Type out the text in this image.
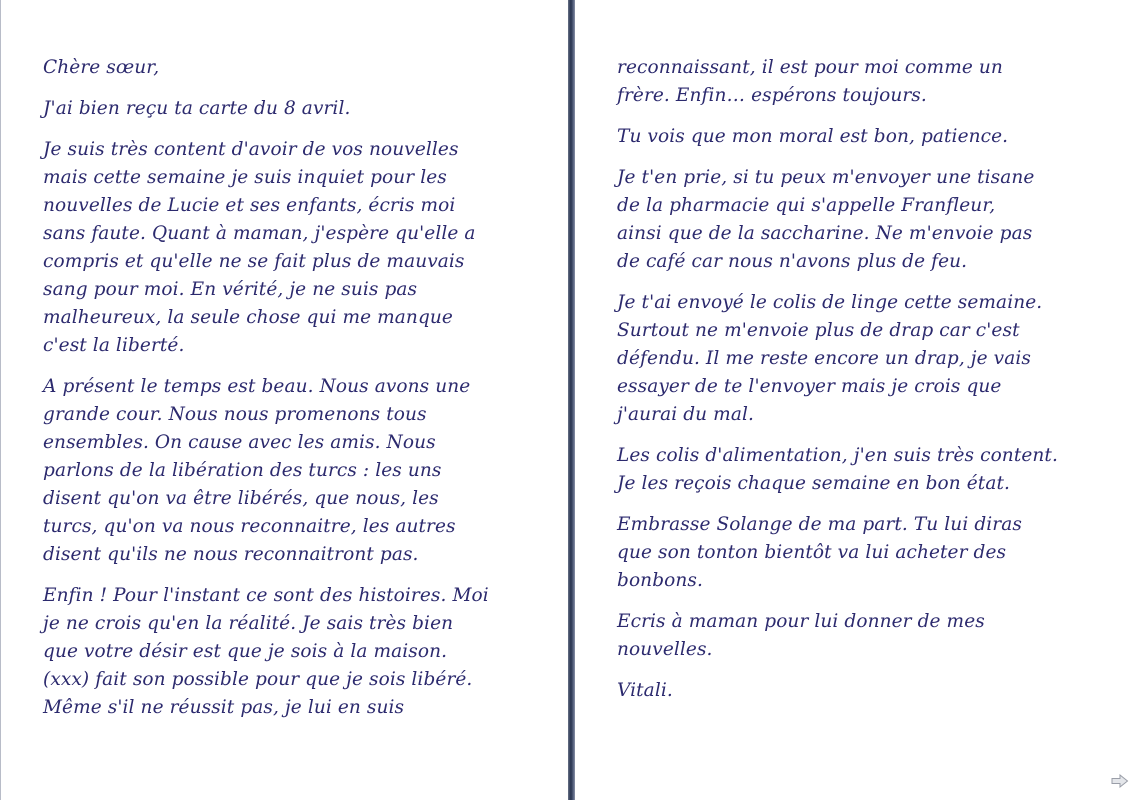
Chère sœur,

J'ai bien reçu ta carte du 8 avril.

Je suis très content d'avoir de vos nouvelles
mais cette semaine je suis inquiet pour les
nouvelles de Lucie et ses enfants, écris moi
sans faute. Quant à maman, j'espère qu'elle a
compris et qu'elle ne se fait plus de mauvais
sang pour moi. En vérité, je ne suis pas
malheureux, la seule chose qui me manque
c'est la liberté.

A présent le temps est beau. Nous avons une
grande cour. Nous nous promenons tous
ensembles. On cause avec les amis. Nous
parlons de la libération des turcs : les uns
disent qu'on va être libérés, que nous, les
turcs, qu'on va nous reconnaitre, les autres
disent qu'ils ne nous reconnaitront pas.

Enfin ! Pour l'instant ce sont des histoires. Moi
je ne crois qu'en la réalité. Je sais très bien
que votre désir est que je sois à la maison.
(xxx) fait son possible pour que je sois libéré.
Même s'il ne réussit pas, je lui en suis

reconnaissant, il est pour moi comme un
frère. Enfin… espérons toujours.

Tu vois que mon moral est bon, patience.

Je t'en prie, si tu peux m'envoyer une tisane
de la pharmacie qui s'appelle Franfleur,
ainsi que de la saccharine. Ne m'envoie pas
de café car nous n'avons plus de feu.

Je t'ai envoyé le colis de linge cette semaine.
Surtout ne m'envoie plus de drap car c'est
défendu. Il me reste encore un drap, je vais
essayer de te l'envoyer mais je crois que
j'aurai du mal.

Les colis d'alimentation, j'en suis très content.
Je les reçois chaque semaine en bon état.

Embrasse Solange de ma part. Tu lui diras
que son tonton bientôt va lui acheter des
bonbons.

Ecris à maman pour lui donner de mes
nouvelles.

Vitali.
